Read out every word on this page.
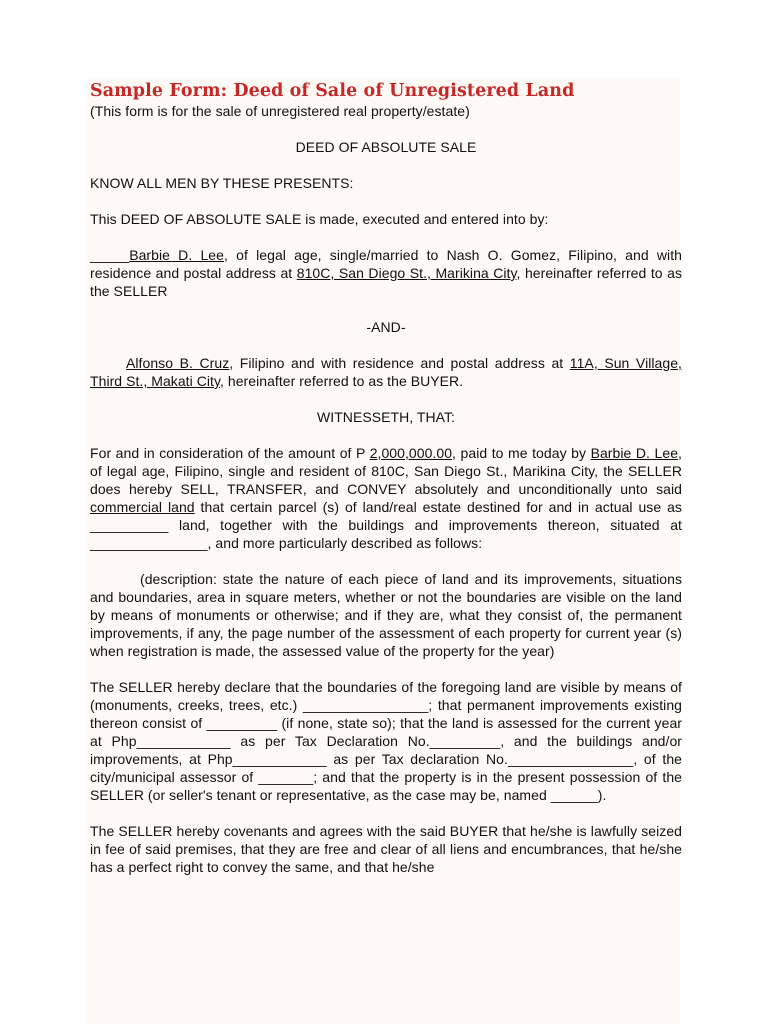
Sample Form: Deed of Sale of Unregistered Land

(This form is for the sale of unregistered real property/estate)

DEED OF ABSOLUTE SALE

KNOW ALL MEN BY THESE PRESENTS:

This DEED OF ABSOLUTE SALE is made, executed and entered into by:

_____Barbie D. Lee, of legal age, single/married to Nash O. Gomez, Filipino, and with residence and postal address at 810C, San Diego St., Marikina City, hereinafter referred to as the SELLER

-AND-

Alfonso B. Cruz, Filipino and with residence and postal address at 11A, Sun Village, Third St., Makati City, hereinafter referred to as the BUYER.

WITNESSETH, THAT:

For and in consideration of the amount of P 2,000,000.00, paid to me today by Barbie D. Lee, of legal age, Filipino, single and resident of 810C, San Diego St., Marikina City, the SELLER does hereby SELL, TRANSFER, and CONVEY absolutely and unconditionally unto said commercial land that certain parcel (s) of land/real estate destined for and in actual use as __________ land, together with the buildings and improvements thereon, situated at _______________, and more particularly described as follows:

(description: state the nature of each piece of land and its improvements, situations and boundaries, area in square meters, whether or not the boundaries are visible on the land by means of monuments or otherwise; and if they are, what they consist of, the permanent improvements, if any, the page number of the assessment of each property for current year (s) when registration is made, the assessed value of the property for the year)

The SELLER hereby declare that the boundaries of the foregoing land are visible by means of (monuments, creeks, trees, etc.) ________________; that permanent improvements existing thereon consist of _________ (if none, state so); that the land is assessed for the current year at Php____________ as per Tax Declaration No._________, and the buildings and/or improvements, at Php____________ as per Tax declaration No.________________, of the city/municipal assessor of _______; and that the property is in the present possession of the SELLER (or seller's tenant or representative, as the case may be, named ______).

The SELLER hereby covenants and agrees with the said BUYER that he/she is lawfully seized in fee of said premises, that they are free and clear of all liens and encumbrances, that he/she has a perfect right to convey the same, and that he/she
